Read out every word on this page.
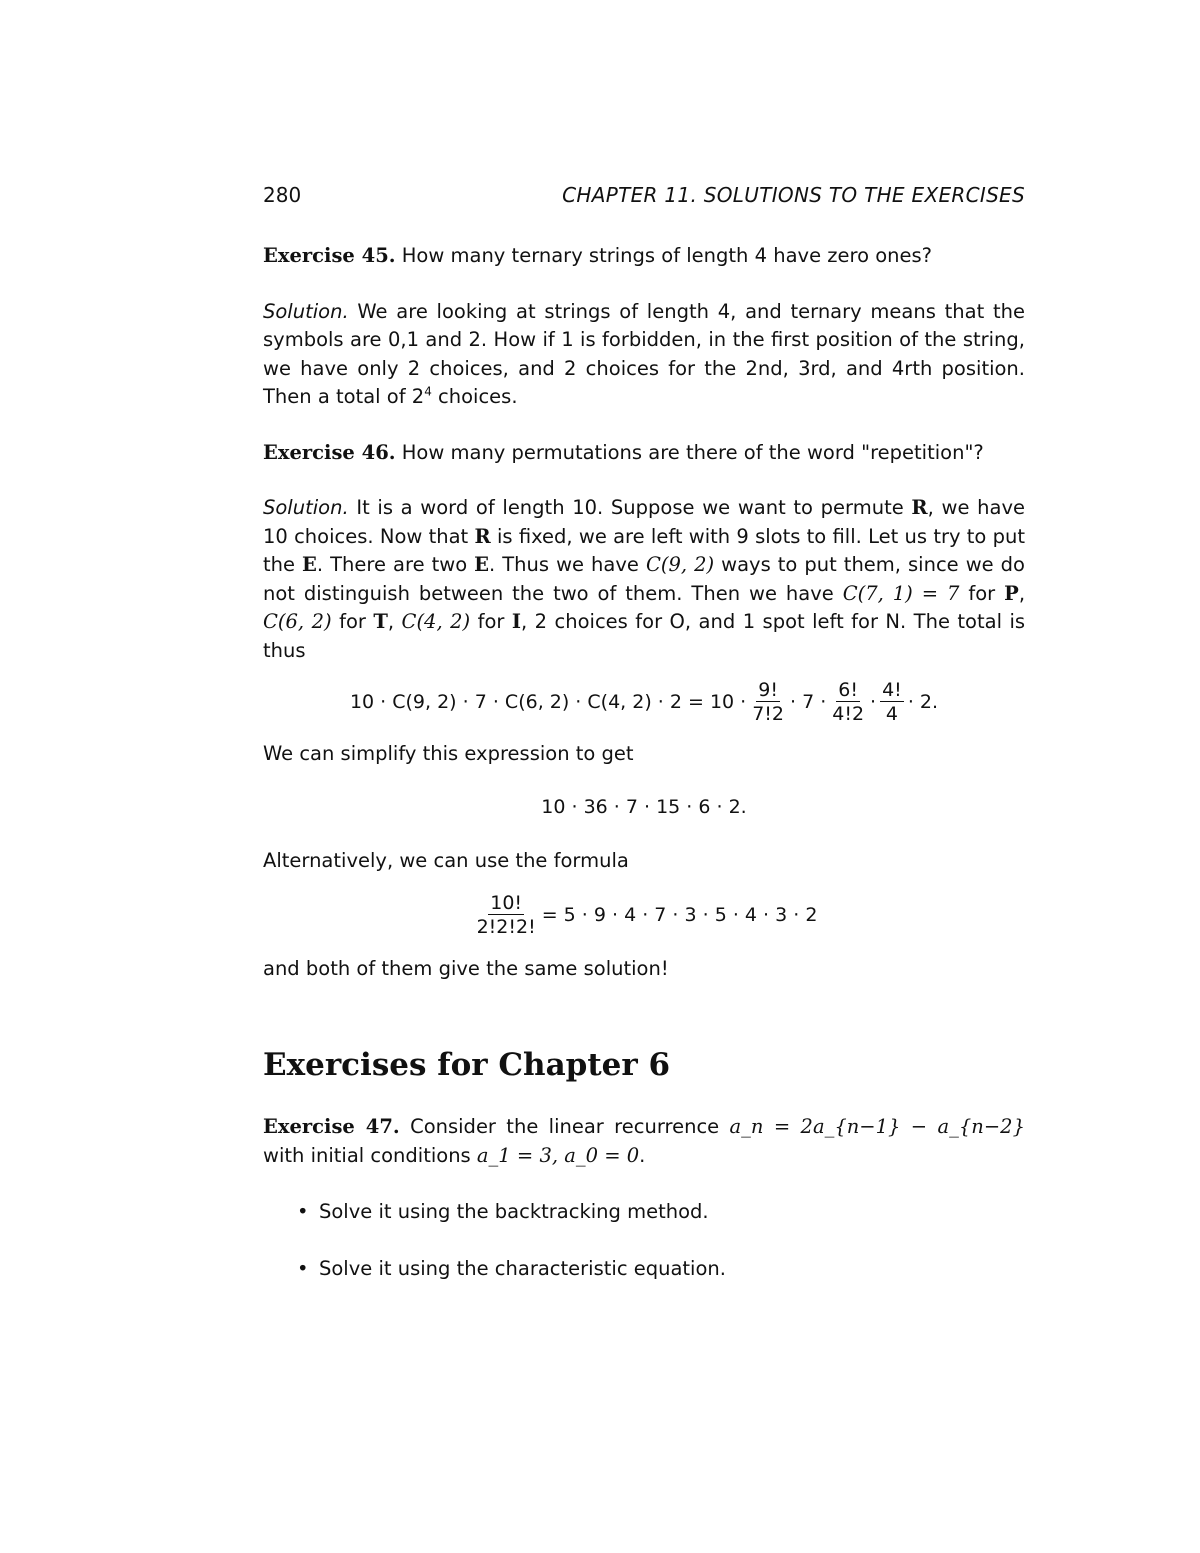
280	CHAPTER 11. SOLUTIONS TO THE EXERCISES

Exercise 45. How many ternary strings of length 4 have zero ones?

Solution. We are looking at strings of length 4, and ternary means that the symbols are 0,1 and 2. How if 1 is forbidden, in the first position of the string, we have only 2 choices, and 2 choices for the 2nd, 3rd, and 4rth position. Then a total of $2^4$ choices.

Exercise 46. How many permutations are there of the word "repetition"?

Solution. It is a word of length 10. Suppose we want to permute R, we have 10 choices. Now that R is fixed, we are left with 9 slots to fill. Let us try to put the E. There are two E. Thus we have C(9, 2) ways to put them, since we do not distinguish between the two of them. Then we have C(7, 1) = 7 for P, C(6, 2) for T, C(4, 2) for I, 2 choices for O, and 1 spot left for N. The total is thus

10 · C(9, 2) · 7 · C(6, 2) · C(4, $2) \cdot 2 = 10 \cdot \frac{9!}{7!2} \cdot 7 \cdot \frac{6!}{4!2} \cdot \frac{4!}{4} \cdot 2$.

We can simplify this expression to get

10 · 36 · 7 · 15 · 6 · 2.

Alternatively, we can use the formula

$\frac{10!}{2!2!2!} = 5 \cdot 9 \cdot 4 \cdot 7 \cdot 3 \cdot 5 \cdot 4 \cdot 3 \cdot 2$

and both of them give the same solution!

Exercises for Chapter 6

Exercise 47. Consider the linear recurrence a_n = 2a_{n−1} − a_{n−2} with initial conditions a_1 = 3, a_0 = 0.

• Solve it using the backtracking method.
• Solve it using the characteristic equation.
